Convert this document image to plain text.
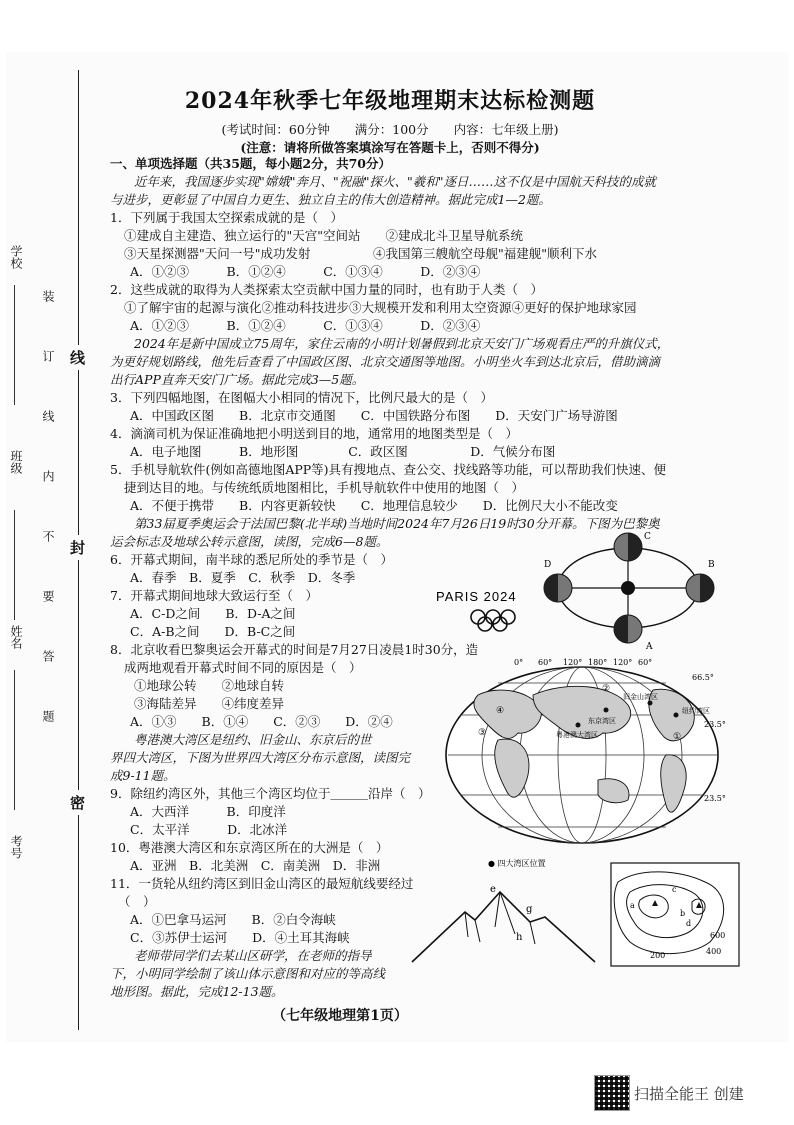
线
封
密
装
订
线
内
不
要
答
题
学校
班级
姓名
考号
2024年秋季七年级地理期末达标检测题
(考试时间：60分钟　　满分：100分　　内容：七年级上册)
(注意：请将所做答案填涂写在答题卡上，否则不得分)
一、单项选择题（共35题，每小题2分，共70分）
近年来，我国逐步实现"嫦娥"奔月、"祝融"探火、"羲和"逐日……这不仅是中国航天科技的成就
与进步，更彰显了中国自力更生、独立自主的伟大创造精神。据此完成1—2题。
1．下列属于我国太空探索成就的是（　）
①建成自主建造、独立运行的"天宫"空间站　　②建成北斗卫星导航系统
③天星探测器"天问一号"成功发射　　　　　④我国第三艘航空母舰"福建舰"顺利下水
A．①②③　　　B．①②④　　　C．①③④　　　D．②③④
2．这些成就的取得为人类探索太空贡献中国力量的同时，也有助于人类（　）
①了解宇宙的起源与演化②推动科技进步③大规模开发和利用太空资源④更好的保护地球家园
A．①②③　　　B．①②④　　　C．①③④　　　D．②③④
2024年是新中国成立75周年，家住云南的小明计划暑假到北京天安门广场观看庄严的升旗仪式，
为更好规划路线，他先后查看了中国政区图、北京交通图等地图。小明坐火车到达北京后，借助滴滴
出行APP直奔天安门广场。据此完成3—5题。
3．下列四幅地图，在图幅大小相同的情况下，比例尺最大的是（　）
A．中国政区图　　B．北京市交通图　　C．中国铁路分布图　　D．天安门广场导游图
4．滴滴司机为保证准确地把小明送到目的地，通常用的地图类型是（　）
A．电子地图　　　B．地形图　　　　C．政区图　　　　　D．气候分布图
5．手机导航软件(例如高德地图APP等)具有搜地点、查公交、找线路等功能，可以帮助我们快速、便
捷到达目的地。与传统纸质地图相比，手机导航软件中使用的地图（　）
A．不便于携带　　B．内容更新较快　　C．地理信息较少　　D．比例尺大小不能改变
第33届夏季奥运会于法国巴黎(北半球)当地时间2024年7月26日19时30分开幕。下图为巴黎奥
运会标志及地球公转示意图，读图，完成6—8题。
6．开幕式期间，南半球的悉尼所处的季节是（　）
A．春季　B．夏季　C．秋季　D．冬季
7．开幕式期间地球大致运行至（　）
A．C-D之间　　B．D-A之间
C．A-B之间　　D．B-C之间
8．北京收看巴黎奥运会开幕式的时间是7月27日凌晨1时30分，造
成两地观看开幕式时间不同的原因是（　）
①地球公转　　②地球自转
③海陆差异　　④纬度差异
A．①③　　B．①④　　C．②③　　D．②④
粤港澳大湾区是纽约、旧金山、东京后的世
界四大湾区，下图为世界四大湾区分布示意图，读图完
成9-11题。
9．除纽约湾区外，其他三个湾区均位于＿＿＿沿岸（　）
A．大西洋　　　B．印度洋
C．太平洋　　　D．北冰洋
10．粤港澳大湾区和东京湾区所在的大洲是（　）
A．亚洲　B．北美洲　C．南美洲　D．非洲
11．一货轮从纽约湾区到旧金山湾区的最短航线要经过
（　）
A．①巴拿马运河　　B．②白令海峡
C．③苏伊士运河　　D．④土耳其海峡
老师带同学们去某山区研学，在老师的指导
下，小明同学绘制了该山体示意图和对应的等高线
地形图。据此，完成12-13题。
PARIS 2024
C
D
A
B
东京湾区
旧金山湾区
纽约湾区
粤港澳大湾区	①
②
③
④
0° 60° 120° 180° 120° 60°
66.5°
23.5°
23.5°
● 四大湾区位置
e
g
h
a
b
c
d
200	400
600
（七年级地理第1页）
扫描全能王 创建
